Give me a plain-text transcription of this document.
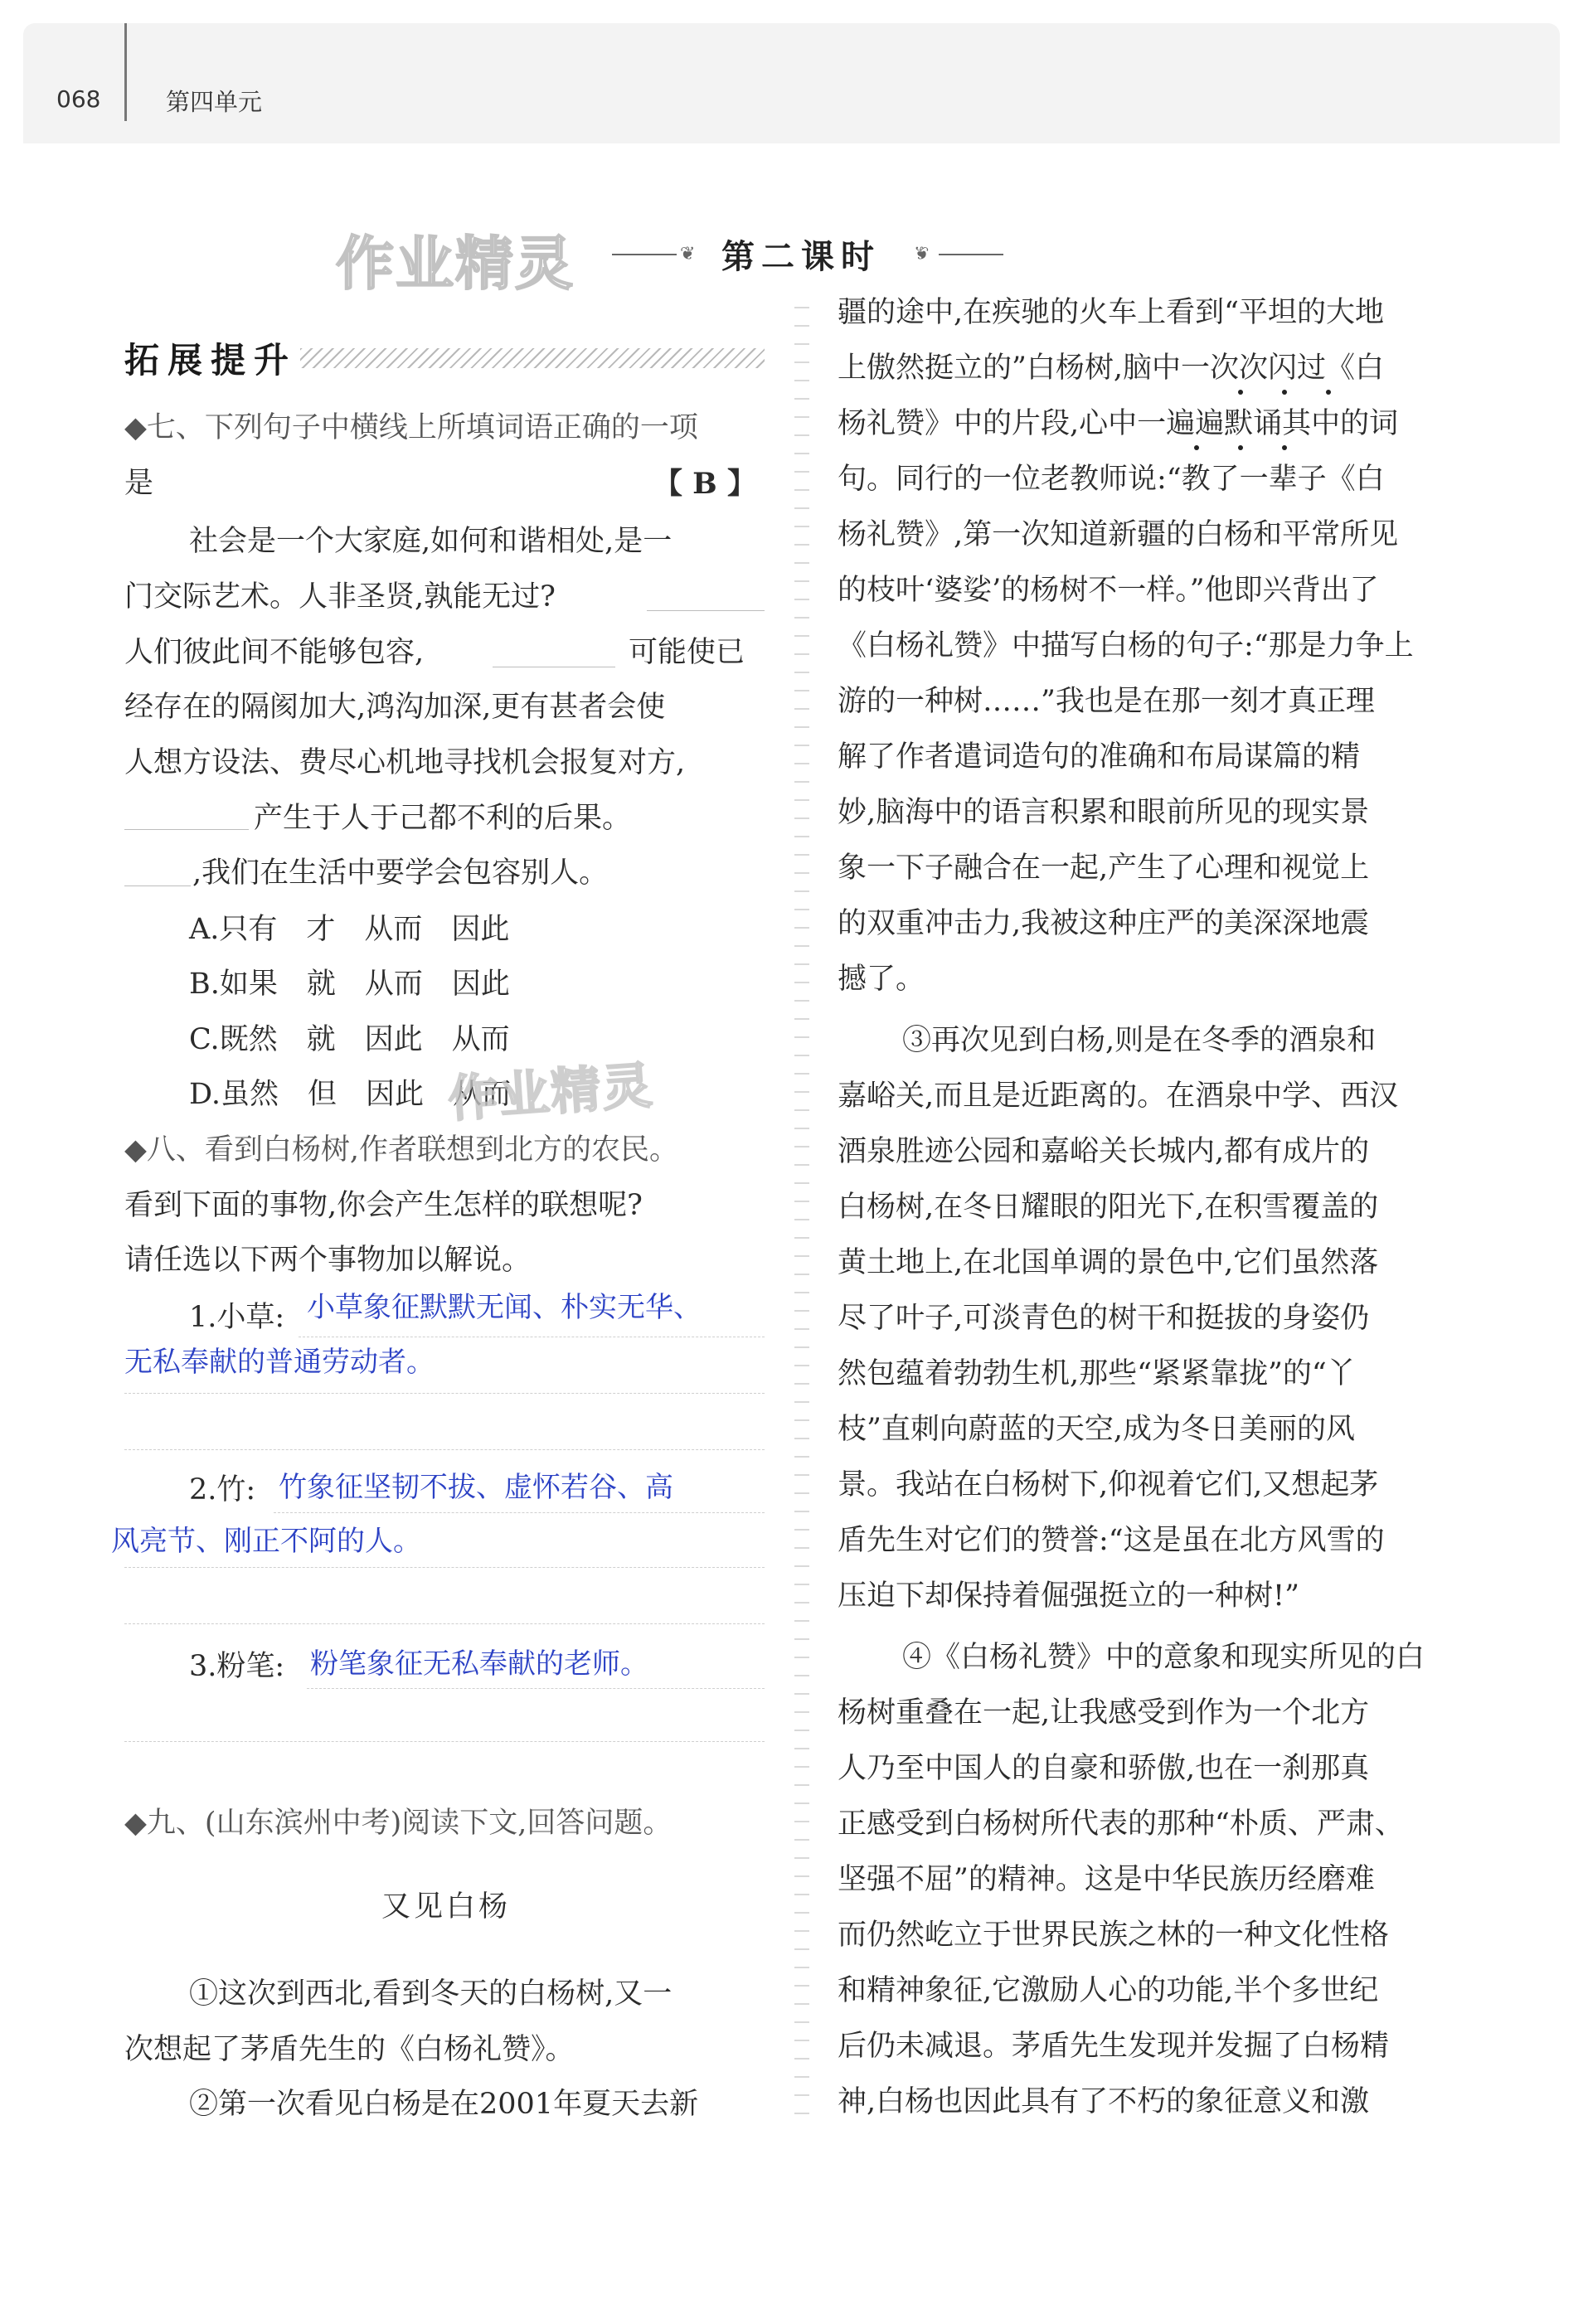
068	第四单元
作业精灵	❦	❦
第二课时
拓展提升
◆七、下列句子中横线上所填词语正确的一项
是	【 B 】
社会是一个大家庭,如何和谐相处,是一
门交际艺术。人非圣贤,孰能无过?
人们彼此间不能够包容,	可能使已
经存在的隔阂加大,鸿沟加深,更有甚者会使
人想方设法、费尽心机地寻找机会报复对方,
产生于人于己都不利的后果。
,我们在生活中要学会包容别人。
A.只有　才　从而　因此
B.如果　就　从而　因此
C.既然　就　因此　从而
D.虽然　但　因此　从而
作业精灵
◆八、看到白杨树,作者联想到北方的农民。
看到下面的事物,你会产生怎样的联想呢?
请任选以下两个事物加以解说。
1.小草: 小草象征默默无闻、朴实无华、
无私奉献的普通劳动者。
2.竹: 竹象征坚韧不拔、虚怀若谷、高
风亮节、刚正不阿的人。
3.粉笔: 粉笔象征无私奉献的老师。
◆九、(山东滨州中考)阅读下文,回答问题。
又见白杨
①这次到西北,看到冬天的白杨树,又一
次想起了茅盾先生的《白杨礼赞》。
②第一次看见白杨是在2001年夏天去新
疆的途中,在疾驰的火车上看到“平坦的大地
上傲然挺立的”白杨树,脑中一次次闪过《白
杨礼赞》中的片段,心中一遍遍默诵其中的词
句。同行的一位老教师说:“教了一辈子《白
杨礼赞》,第一次知道新疆的白杨和平常所见
的枝叶‘婆娑’的杨树不一样。”他即兴背出了
《白杨礼赞》中描写白杨的句子:“那是力争上
游的一种树……”我也是在那一刻才真正理
解了作者遣词造句的准确和布局谋篇的精
妙,脑海中的语言积累和眼前所见的现实景
象一下子融合在一起,产生了心理和视觉上
的双重冲击力,我被这种庄严的美深深地震
撼了。
③再次见到白杨,则是在冬季的酒泉和
嘉峪关,而且是近距离的。在酒泉中学、西汉
酒泉胜迹公园和嘉峪关长城内,都有成片的
白杨树,在冬日耀眼的阳光下,在积雪覆盖的
黄土地上,在北国单调的景色中,它们虽然落
尽了叶子,可淡青色的树干和挺拔的身姿仍
然包蕴着勃勃生机,那些“紧紧靠拢”的“丫
枝”直刺向蔚蓝的天空,成为冬日美丽的风
景。我站在白杨树下,仰视着它们,又想起茅
盾先生对它们的赞誉:“这是虽在北方风雪的
压迫下却保持着倔强挺立的一种树!”
④《白杨礼赞》中的意象和现实所见的白
杨树重叠在一起,让我感受到作为一个北方
人乃至中国人的自豪和骄傲,也在一刹那真
正感受到白杨树所代表的那种“朴质、严肃、
坚强不屈”的精神。这是中华民族历经磨难
而仍然屹立于世界民族之林的一种文化性格
和精神象征,它激励人心的功能,半个多世纪
后仍未减退。茅盾先生发现并发掘了白杨精
神,白杨也因此具有了不朽的象征意义和激
